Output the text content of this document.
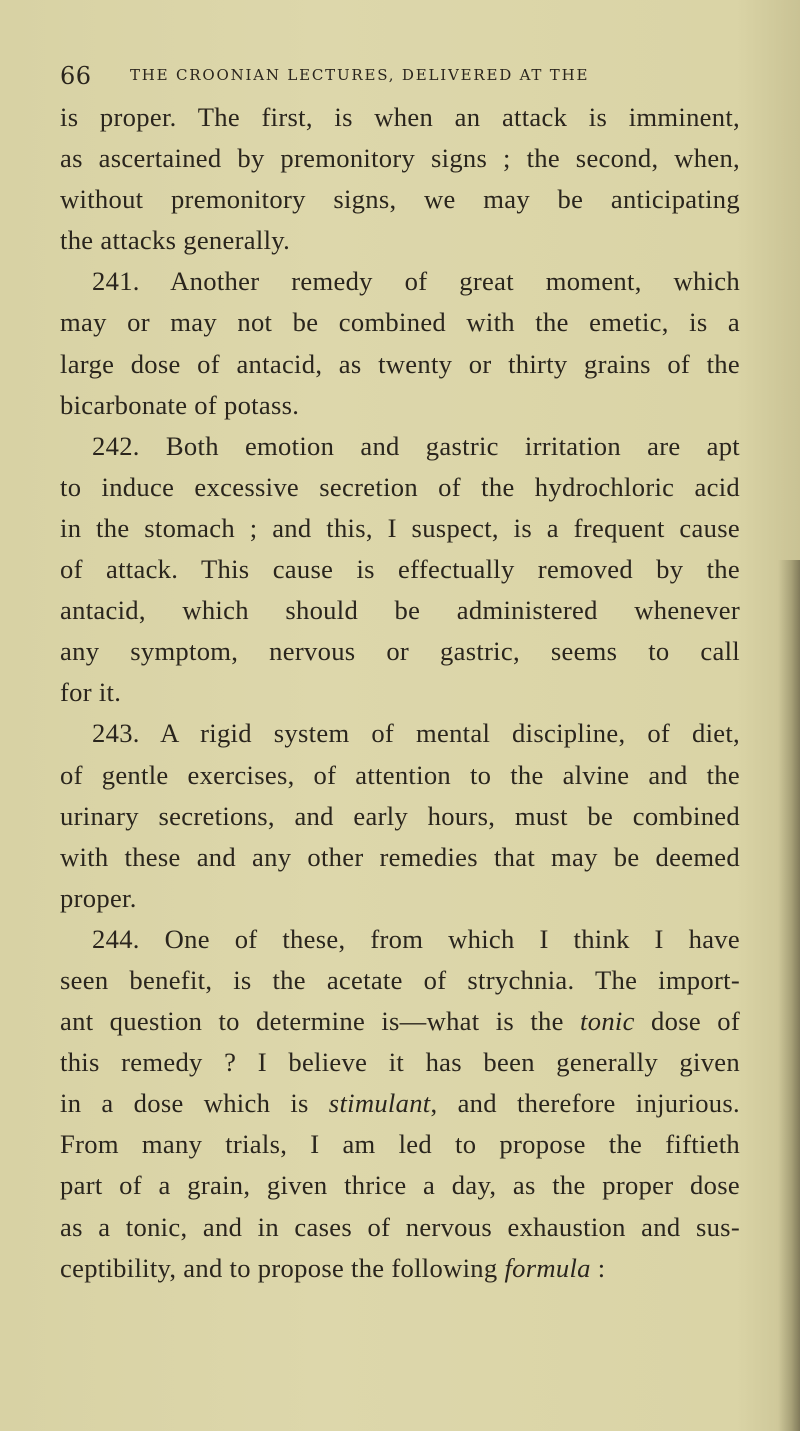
66	THE CROONIAN LECTURES, DELIVERED AT THE
is proper. The first, is when an attack is imminent,
as ascertained by premonitory signs ; the second, when,
without premonitory signs, we may be anticipating
the attacks generally.
241. Another remedy of great moment, which
may or may not be combined with the emetic, is a
large dose of antacid, as twenty or thirty grains of the
bicarbonate of potass.
242. Both emotion and gastric irritation are apt
to induce excessive secretion of the hydrochloric acid
in the stomach ; and this, I suspect, is a frequent cause
of attack. This cause is effectually removed by the
antacid, which should be administered whenever
any symptom, nervous or gastric, seems to call
for it.
243. A rigid system of mental discipline, of diet,
of gentle exercises, of attention to the alvine and the
urinary secretions, and early hours, must be combined
with these and any other remedies that may be deemed
proper.
244. One of these, from which I think I have
seen benefit, is the acetate of strychnia. The import-
ant question to determine is—what is the tonic dose of
this remedy ? I believe it has been generally given
in a dose which is stimulant, and therefore injurious.
From many trials, I am led to propose the fiftieth
part of a grain, given thrice a day, as the proper dose
as a tonic, and in cases of nervous exhaustion and sus-
ceptibility, and to propose the following formula :
